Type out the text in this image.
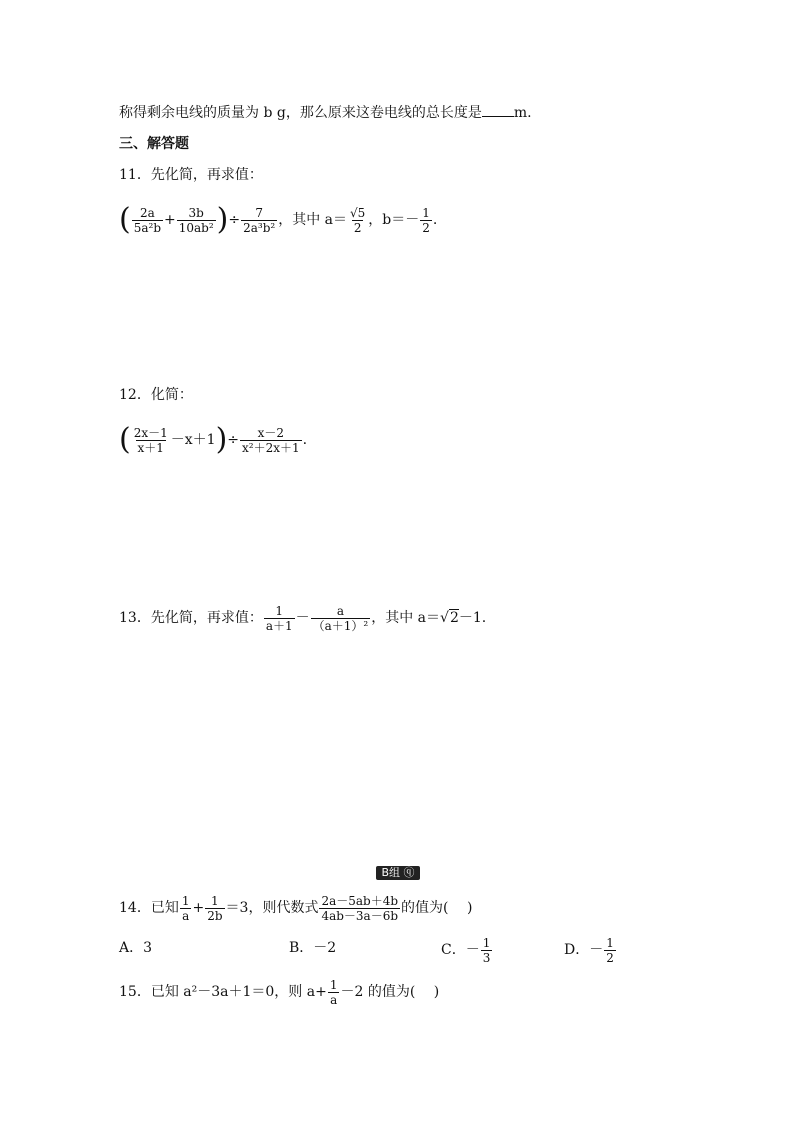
称得剩余电线的质量为 b g，那么原来这卷电线的总长度是 m.
三、解答题
11．先化简，再求值：
( $\frac{2a}{\text{5a²b}} + \frac{3b}{\text{10ab²}}$ )÷ $\frac{7}{\text{2a³b²}}$ ，其中 $a= \frac{√5}{2}$ ，$b=- \frac{1}{2}$ .
12．化简：
( $\frac{2x-1}{x+1} -x+1)\div \frac{x-2}{\text{x²＋2x＋1}}$ .
13．先化简，再求值： $\frac{1}{a+1} - \frac{a}{\text{（a＋1）²}}$ ，其中 a＝√2－1.
B组 ⓠ
14．已知 $\frac{1}{a} + \frac{1}{2b} =3$，则代数式 $\frac{2a-5ab+4b}{4ab-3a-6b}$ 的值为(　 )
A．3	B．－2	C．－ $\frac{1}{3}$	D．－ $\frac{1}{2}$
15．已知 a²－3a＋1＝0，则 $a+ \frac{1}{a} -2$ 的值为(　 )
